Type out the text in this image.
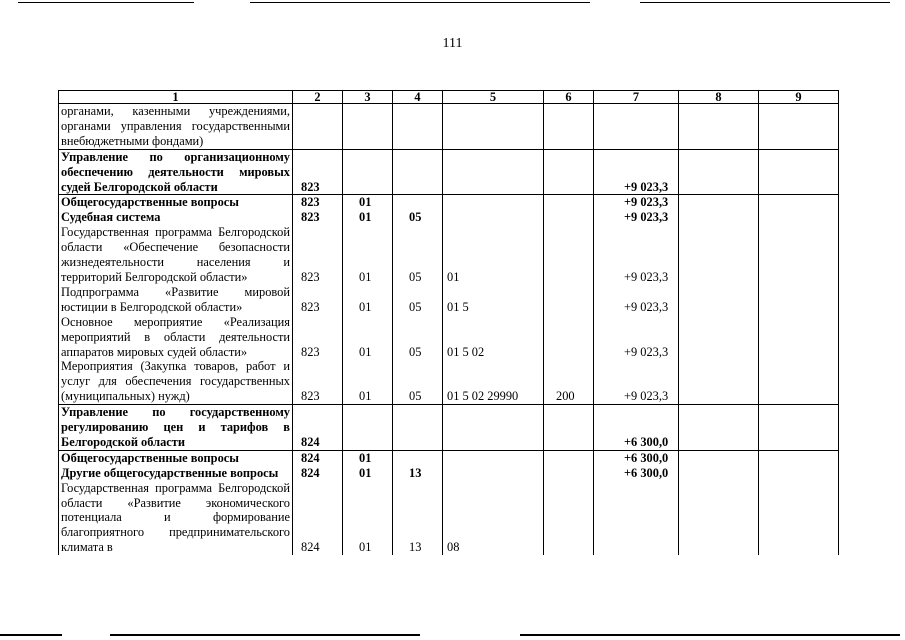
111
1	2	3	4	5	6	7	8	9
органами, казенными учреждениями, органами управления государственными внебюджетными фондами)								
Управление по организационному обеспечению деятельности мировых судей Белгородской области	823					+9 023,3		
Общегосударственные вопросы	823	01				+9 023,3		
Судебная система	823	01	05			+9 023,3		
Государственная программа Белгородской области «Обеспечение безопасности жизнедеятельности населения и территорий Белгородской области»	823	01	05	01		+9 023,3		
Подпрограмма «Развитие мировой юстиции в Белгородской области»	823	01	05	01 5		+9 023,3		
Основное мероприятие «Реализация мероприятий в области деятельности аппаратов мировых судей области»	823	01	05	01 5 02		+9 023,3		
Мероприятия (Закупка товаров, работ и услуг для обеспечения государственных (муниципальных) нужд)	823	01	05	01 5 02 29990	200	+9 023,3		
Управление по государственному регулированию цен и тарифов в Белгородской области	824					+6 300,0		
Общегосударственные вопросы	824	01				+6 300,0		
Другие общегосударственные вопросы	824	01	13			+6 300,0		
Государственная программа Белгородской области «Развитие экономического потенциала и формирование благоприятного предпринимательского климата в	824	01	13	08				
